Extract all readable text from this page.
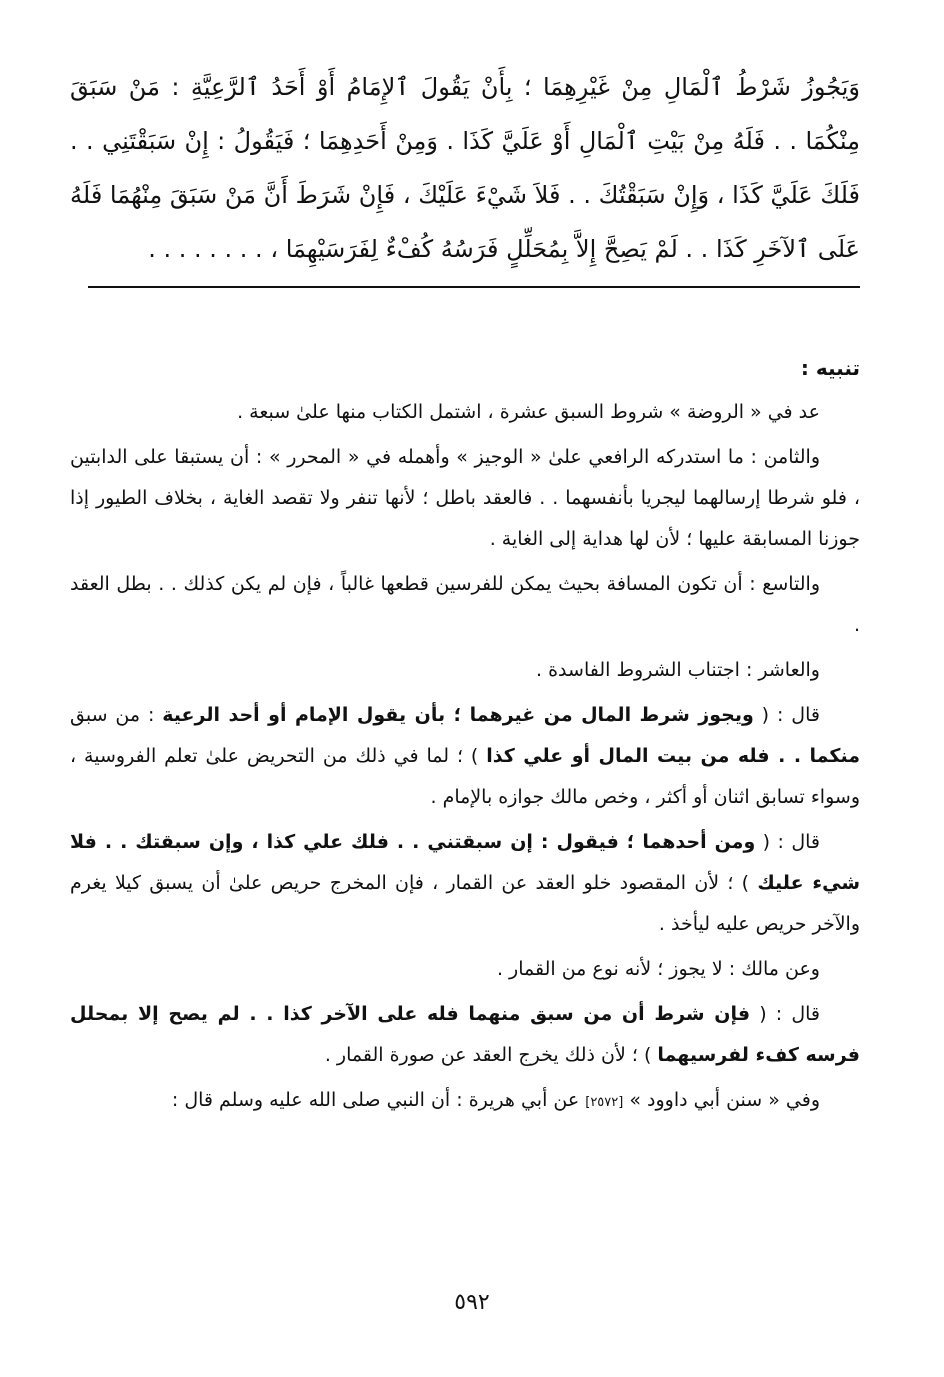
وَيَجُوزُ شَرْطُ ٱلْمَالِ مِنْ غَيْرِهِمَا ؛ بِأَنْ يَقُولَ ٱلإِمَامُ أَوْ أَحَدُ ٱلرَّعِيَّةِ : مَنْ سَبَقَ مِنْكُمَا . . فَلَهُ مِنْ بَيْتِ ٱلْمَالِ أَوْ عَلَيَّ كَذَا . وَمِنْ أَحَدِهِمَا ؛ فَيَقُولُ : إِنْ سَبَقْتَنِي . . فَلَكَ عَلَيَّ كَذَا ، وَإِنْ سَبَقْتُكَ . . فَلاَ شَيْءَ عَلَيْكَ ، فَإِنْ شَرَطَ أَنَّ مَنْ سَبَقَ مِنْهُمَا فَلَهُ عَلَى ٱلآخَرِ كَذَا . . لَمْ يَصِحَّ إِلاَّ بِمُحَلِّلٍ فَرَسُهُ كُفْءٌ لِفَرَسَيْهِمَا ، . . . . . . . .

تنبيه :

عد في « الروضة » شروط السبق عشرة ، اشتمل الكتاب منها علىٰ سبعة .

والثامن : ما استدركه الرافعي علىٰ « الوجيز » وأهمله في « المحرر » : أن يستبقا على الدابتين ، فلو شرطا إرسالهما ليجريا بأنفسهما . . فالعقد باطل ؛ لأنها تنفر ولا تقصد الغاية ، بخلاف الطيور إذا جوزنا المسابقة عليها ؛ لأن لها هداية إلى الغاية .

والتاسع : أن تكون المسافة بحيث يمكن للفرسين قطعها غالباً ، فإن لم يكن كذلك . . بطل العقد .

والعاشر : اجتناب الشروط الفاسدة .

قال : ( ويجوز شرط المال من غيرهما ؛ بأن يقول الإمام أو أحد الرعية : من سبق منكما . . فله من بيت المال أو علي كذا ) ؛ لما في ذلك من التحريض علىٰ تعلم الفروسية ، وسواء تسابق اثنان أو أكثر ، وخص مالك جوازه بالإمام .

قال : ( ومن أحدهما ؛ فيقول : إن سبقتني . . فلك علي كذا ، وإن سبقتك . . فلا شيء عليك ) ؛ لأن المقصود خلو العقد عن القمار ، فإن المخرج حريص علىٰ أن يسبق كيلا يغرم والآخر حريص عليه ليأخذ .

وعن مالك : لا يجوز ؛ لأنه نوع من القمار .

قال : ( فإن شرط أن من سبق منهما فله على الآخر كذا . . لم يصح إلا بمحلل فرسه كفء لفرسيهما ) ؛ لأن ذلك يخرج العقد عن صورة القمار .

وفي « سنن أبي داوود » [٢٥٧٢] عن أبي هريرة : أن النبي صلى الله عليه وسلم قال :

٥٩٢
